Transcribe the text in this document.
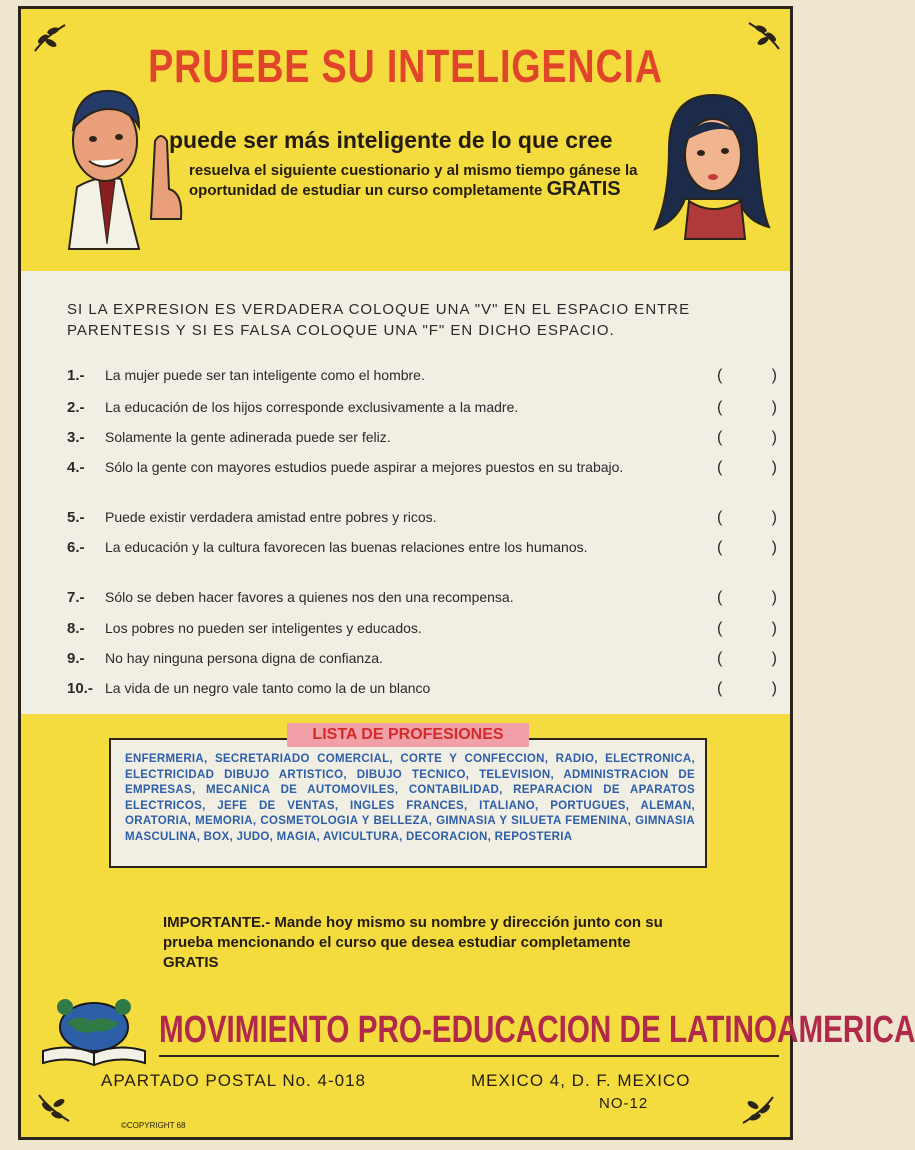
PRUEBE SU INTELIGENCIA
puede ser más inteligente de lo que cree
resuelva el siguiente cuestionario y al mismo tiempo gánese la oportunidad de estudiar un curso completamente GRATIS
SI LA EXPRESION ES VERDADERA COLOQUE UNA "V" EN EL ESPACIO ENTRE PARENTESIS Y SI ES FALSA COLOQUE UNA "F" EN DICHO ESPACIO.
1.- La mujer puede ser tan inteligente como el hombre.	(	)
2.- La educación de los hijos corresponde exclusivamente a la madre.	(	)
3.- Solamente la gente adinerada puede ser feliz.	(	)
4.- Sólo la gente con mayores estudios puede aspirar a mejores puestos en su trabajo.	(	)
5.- Puede existir verdadera amistad entre pobres y ricos.	(	)
6.- La educación y la cultura favorecen las buenas relaciones entre los humanos.	(	)
7.- Sólo se deben hacer favores a quienes nos den una recompensa.	(	)
8.- Los pobres no pueden ser inteligentes y educados.	(	)
9.- No hay ninguna persona digna de confianza.	(	)
10.- La vida de un negro vale tanto como la de un blanco	(	)
ENFERMERIA, SECRETARIADO COMERCIAL, CORTE Y CONFECCION, RADIO, ELECTRONICA, ELECTRICIDAD DIBUJO ARTISTICO, DIBUJO TECNICO, TELEVISION, ADMINISTRACION DE EMPRESAS, MECANICA DE AUTOMOVILES, CONTABILIDAD, REPARACION DE APARATOS ELECTRICOS, JEFE DE VENTAS, INGLES FRANCES, ITALIANO, PORTUGUES, ALEMAN, ORATORIA, MEMORIA, COSMETOLOGIA Y BELLEZA, GIMNASIA Y SILUETA FEMENINA, GIMNASIA MASCULINA, BOX, JUDO, MAGIA, AVICULTURA, DECORACION, REPOSTERIA
LISTA DE PROFESIONES
IMPORTANTE.- Mande hoy mismo su nombre y dirección junto con su prueba mencionando el curso que desea estudiar completamente GRATIS
MOVIMIENTO PRO-EDUCACION DE LATINOAMERICA
APARTADO POSTAL No. 4-018	MEXICO 4, D. F. MEXICO
NO-12
©COPYRIGHT 68
